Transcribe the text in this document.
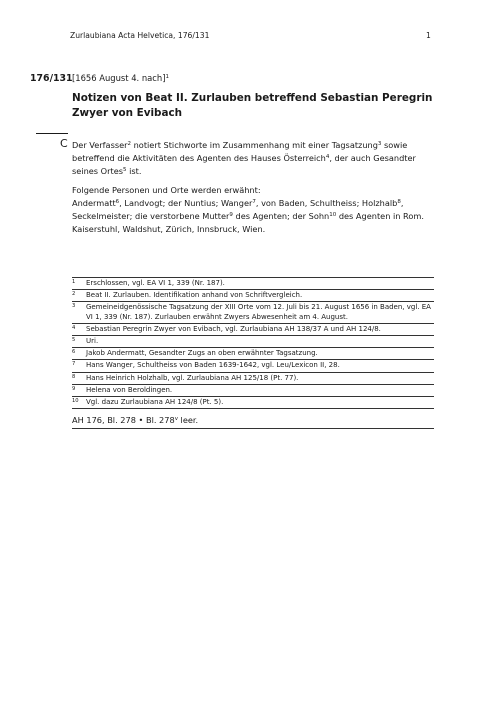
Zurlaubiana Acta Helvetica, 176/131	1
176/131 [1656 August 4. nach]$^1$
Notizen von Beat II. Zurlauben betreffend Sebastian Peregrin Zwyer von Evibach
C Der Verfasser$^2$ notiert Stichworte im Zusammenhang mit einer Tagsatzung$^3$ sowie betreffend die Aktivitäten des Agenten des Hauses Österreich$^4$, der auch Gesandter seines Ortes$^5$ ist.

Folgende Personen und Orte werden erwähnt:

Andermatt$^6$, Landvogt; der Nuntius; Wanger$^7$, von Baden, Schultheiss; Holzhalb$^8$, Seckelmeister; die verstorbene Mutter$^9$ des Agenten; der Sohn$^{10}$ des Agenten in Rom.

Kaiserstuhl, Waldshut, Zürich, Innsbruck, Wien.

1	Erschlossen, vgl. EA VI 1, 339 (Nr. 187).
2	Beat II. Zurlauben. Identifikation anhand von Schriftvergleich.
3	Gemeineidgenössische Tagsatzung der XIII Orte vom 12. Juli bis 21. August 1656 in Baden, vgl. EA VI 1, 339 (Nr. 187). Zurlauben erwähnt Zwyers Abwesenheit am 4. August.
4	Sebastian Peregrin Zwyer von Evibach, vgl. Zurlaubiana AH 138/37 A und AH 124/8.
5	Uri.
6	Jakob Andermatt, Gesandter Zugs an oben erwähnter Tagsatzung.
7	Hans Wanger, Schultheiss von Baden 1639-1642, vgl. Leu/Lexicon II, 28.
8	Hans Heinrich Holzhalb, vgl. Zurlaubiana AH 125/18 (Pt. 77).
9	Helena von Beroldingen.
10	Vgl. dazu Zurlaubiana AH 124/8 (Pt. 5).
AH 176, Bl. 278 • Bl. 278$^v$ leer.
